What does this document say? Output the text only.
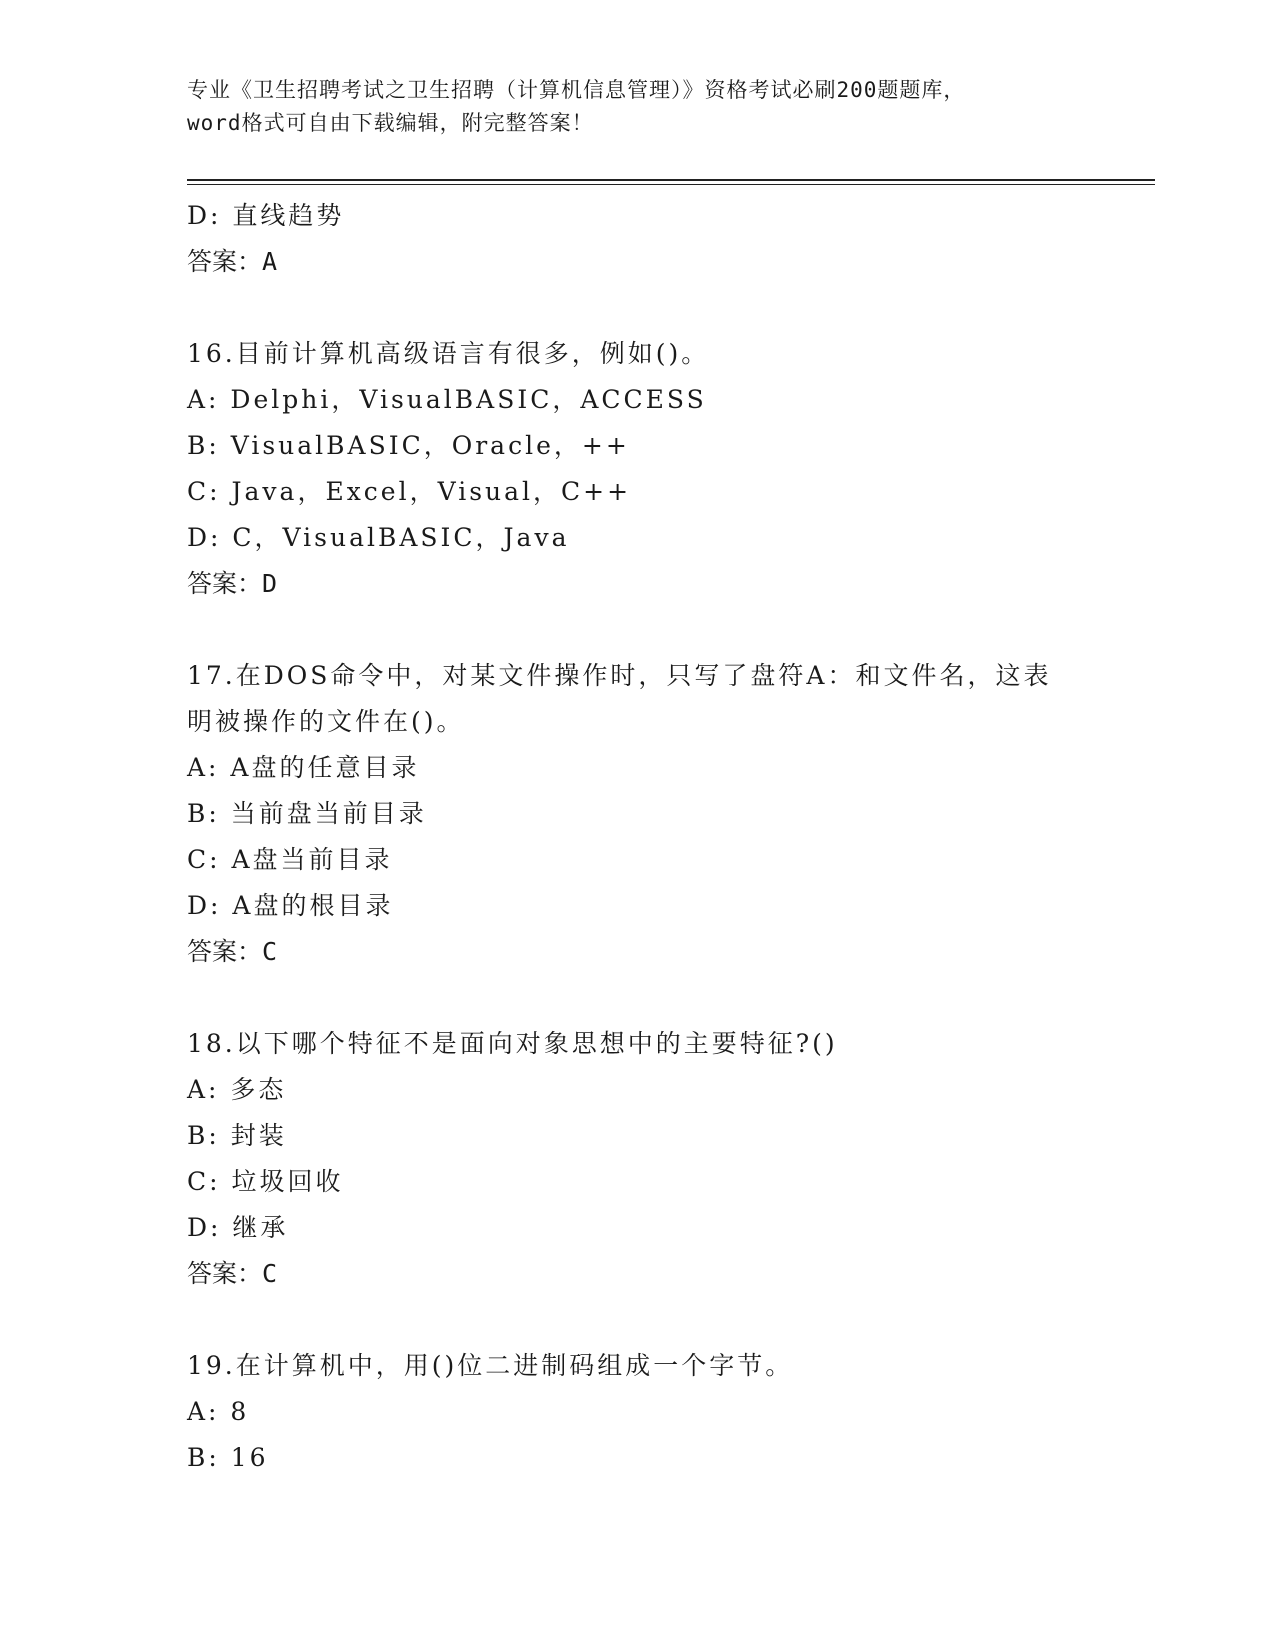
专业《卫生招聘考试之卫生招聘（计算机信息管理）》资格考试必刷200题题库，
word格式可自由下载编辑，附完整答案！
D: 直线趋势
答案：A
16.目前计算机高级语言有很多，例如()。
A: Delphi，VisualBASIC，ACCESS
B: VisualBASIC，Oracle，++
C: Java，Excel，Visual，C++
D: C，VisualBASIC，Java
答案：D
17.在DOS命令中，对某文件操作时，只写了盘符A：和文件名，这表
明被操作的文件在()。
A: A盘的任意目录
B: 当前盘当前目录
C: A盘当前目录
D: A盘的根目录
答案：C
18.以下哪个特征不是面向对象思想中的主要特征?()
A: 多态
B: 封装
C: 垃圾回收
D: 继承
答案：C
19.在计算机中，用()位二进制码组成一个字节。
A: 8
B: 16
